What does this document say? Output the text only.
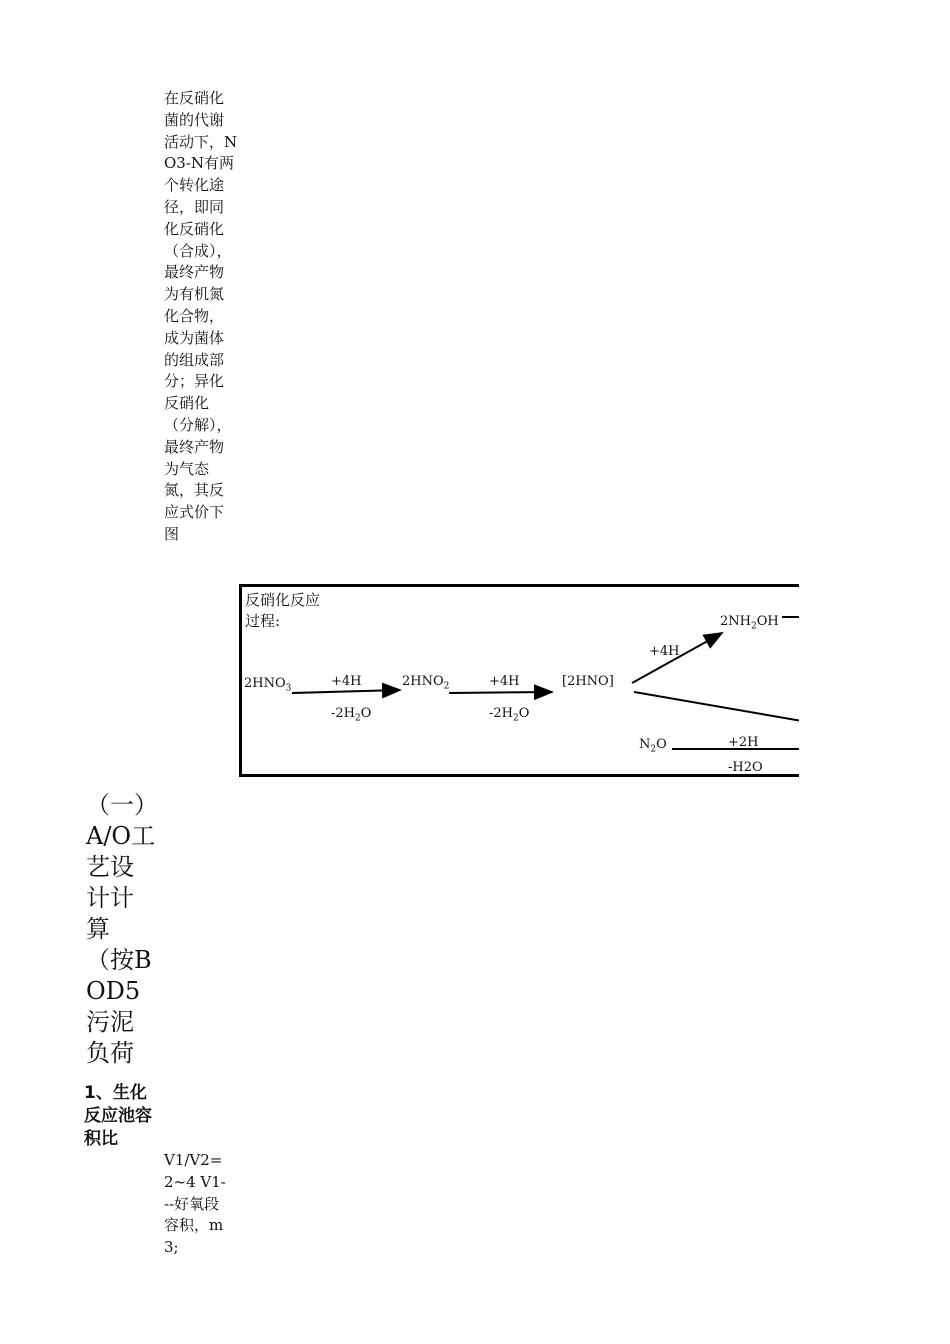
在反硝化菌的代谢活动下，NO3-N有两个转化途径，即同化反硝化（合成），最终产物为有机氮化合物，成为菌体的组成部分；异化反硝化（分解），最终产物为气态氮，其反应式价下图
反硝化反应过程:
$2HNO_3$	+4H
$-2H_2O$
$2HNO_2$	+4H
$-2H_2O$
[2HNO]
+4H
$2NH_2OH$
$N_2O$	+2H
-H2O
（一）A/O工艺设计计算（按BOD5污泥负荷
1、生化反应池容积比
V1/V2=2~4 V1---好氧段容积，m3;
